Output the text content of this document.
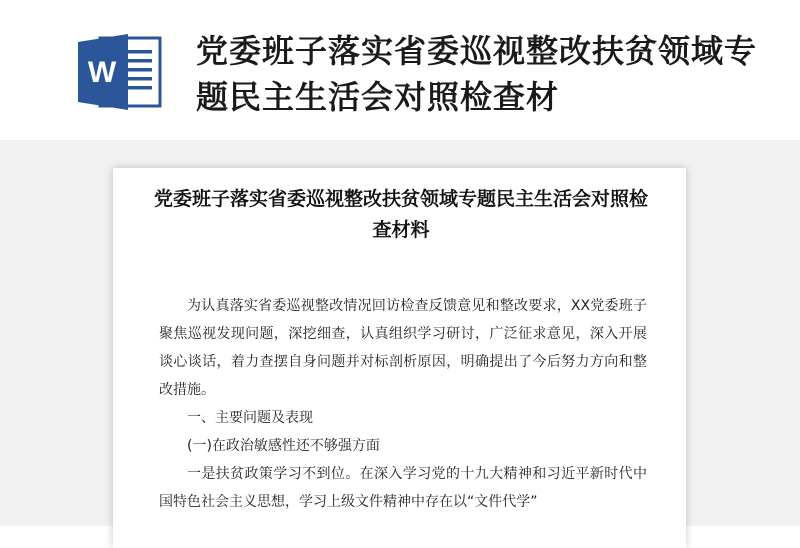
W
党委班子落实省委巡视整改扶贫领域专题民主生活会对照检查材
党委班子落实省委巡视整改扶贫领域专题民主生活会对照检查材料

为认真落实省委巡视整改情况回访检查反馈意见和整改要求，XX党委班子聚焦巡视发现问题，深挖细查，认真组织学习研讨，广泛征求意见，深入开展谈心谈话，着力查摆自身问题并对标剖析原因，明确提出了今后努力方向和整改措施。

一、主要问题及表现

(一)在政治敏感性还不够强方面

一是扶贫政策学习不到位。在深入学习党的十九大精神和习近平新时代中国特色社会主义思想，学习上级文件精神中存在以“文件代学”
